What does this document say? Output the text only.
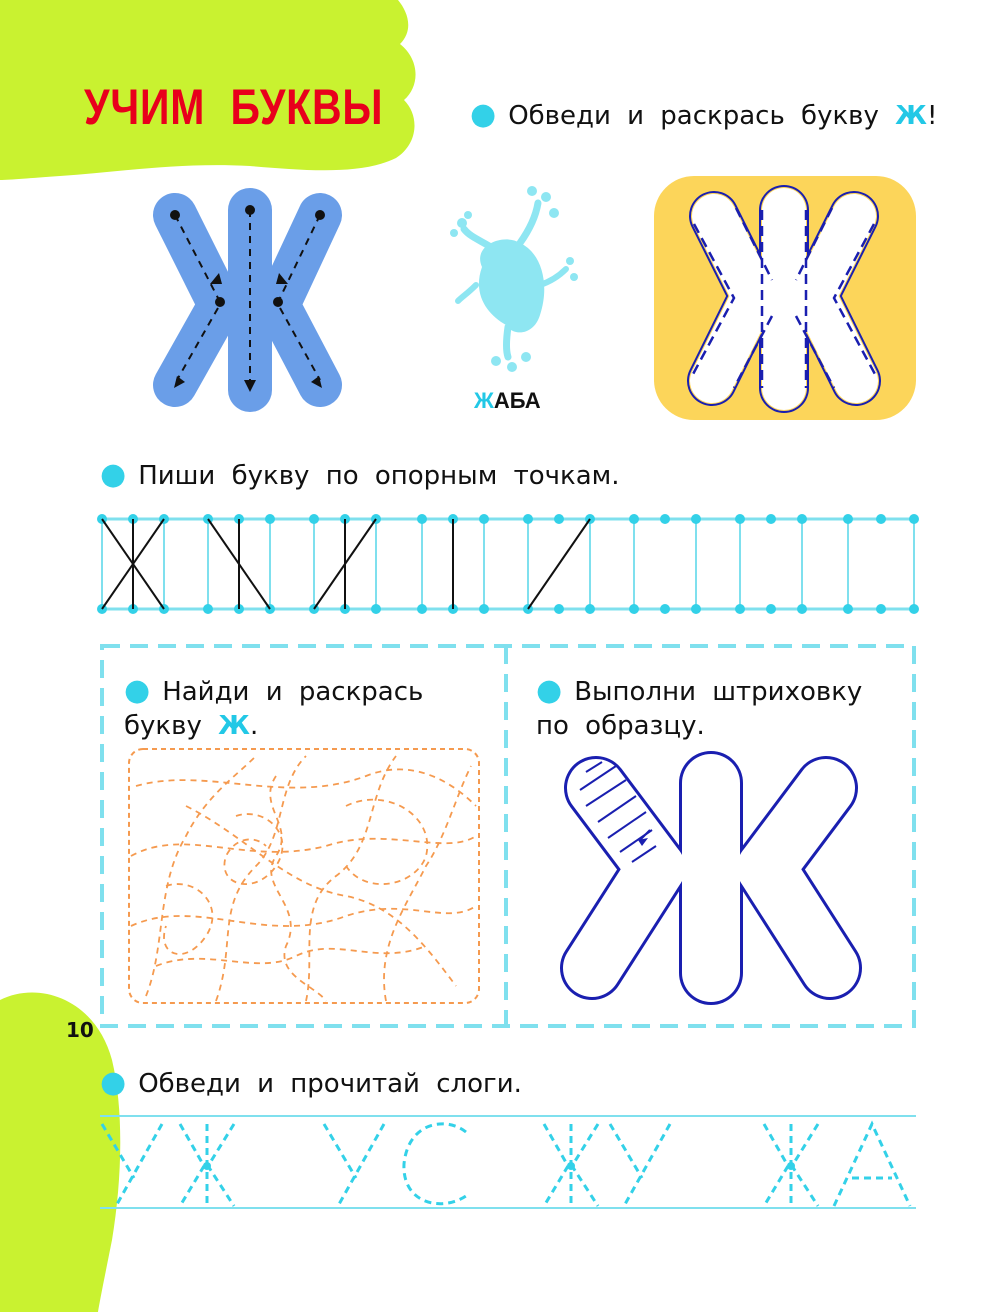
УЧИМ БУКВЫ	● Обведи и раскрась букву Ж!
ЖАБА
● Пиши букву по опорным точкам.
● Найди и раскрась
букву Ж.
● Выполни штриховку
по образцу.
● Обведи и прочитай слоги.
10
